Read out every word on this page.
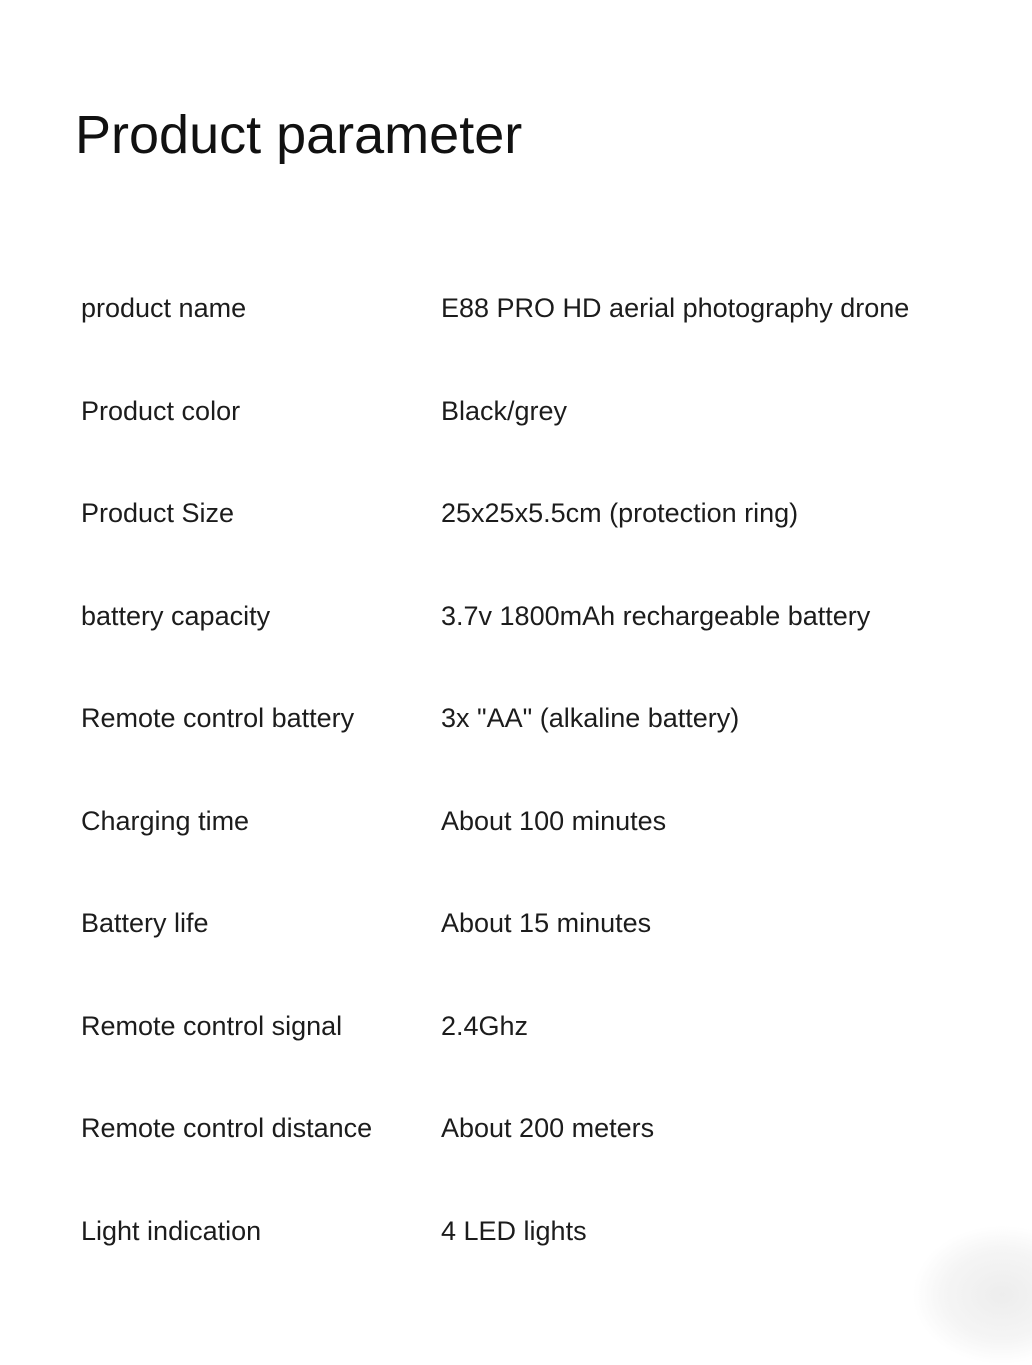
Product parameter
product name	E88 PRO HD aerial photography drone
Product color	Black/grey
Product Size	25x25x5.5cm (protection ring)
battery capacity	3.7v 1800mAh rechargeable battery
Remote control battery	3x "AA" (alkaline battery)
Charging time	About 100 minutes
Battery life	About 15 minutes
Remote control signal	2.4Ghz
Remote control distance	About 200 meters
Light indication	4 LED lights
